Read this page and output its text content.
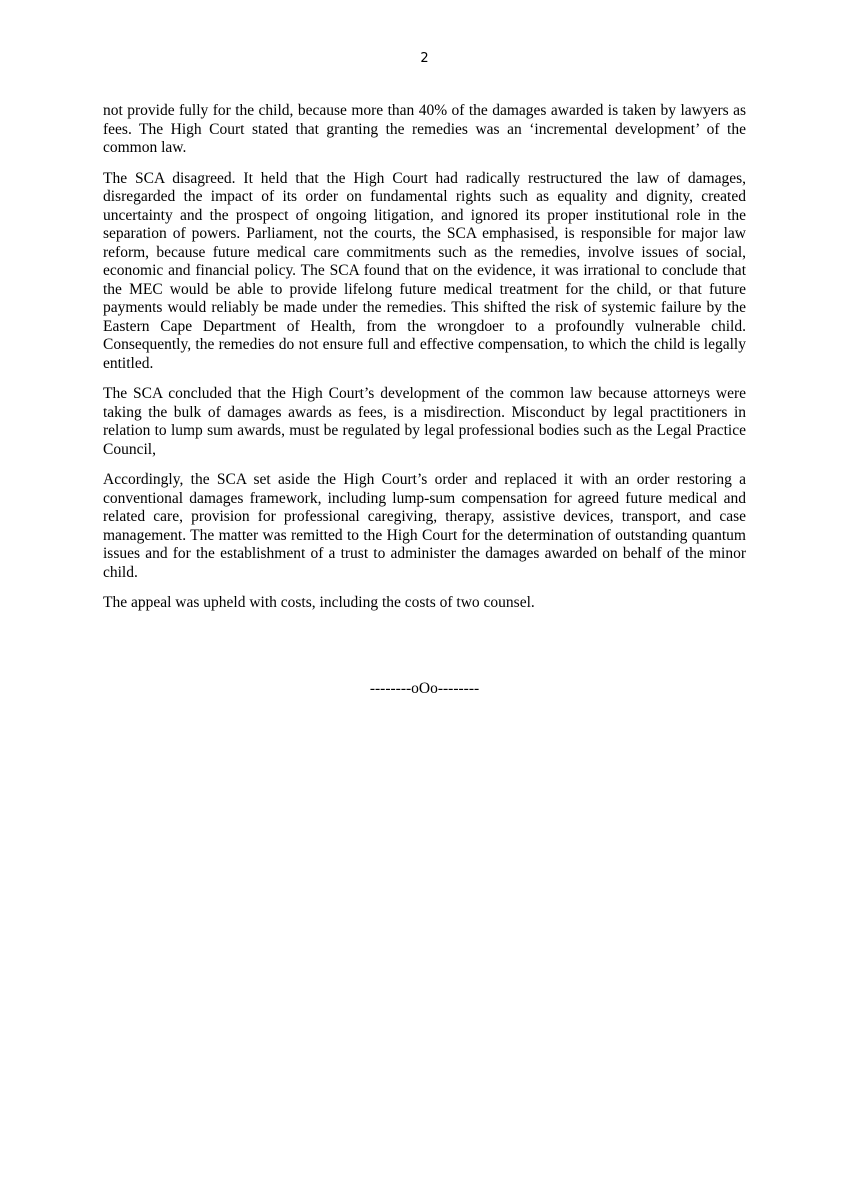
2

not provide fully for the child, because more than 40% of the damages awarded is taken by lawyers as fees. The High Court stated that granting the remedies was an ‘incremental development’ of the common law.

The SCA disagreed. It held that the High Court had radically restructured the law of damages, disregarded the impact of its order on fundamental rights such as equality and dignity, created uncertainty and the prospect of ongoing litigation, and ignored its proper institutional role in the separation of powers. Parliament, not the courts, the SCA emphasised, is responsible for major law reform, because future medical care commitments such as the remedies, involve issues of social, economic and financial policy. The SCA found that on the evidence, it was irrational to conclude that the MEC would be able to provide lifelong future medical treatment for the child, or that future payments would reliably be made under the remedies. This shifted the risk of systemic failure by the Eastern Cape Department of Health, from the wrongdoer to a profoundly vulnerable child. Consequently, the remedies do not ensure full and effective compensation, to which the child is legally entitled.

The SCA concluded that the High Court’s development of the common law because attorneys were taking the bulk of damages awards as fees, is a misdirection. Misconduct by legal practitioners in relation to lump sum awards, must be regulated by legal professional bodies such as the Legal Practice Council,

Accordingly, the SCA set aside the High Court’s order and replaced it with an order restoring a conventional damages framework, including lump-sum compensation for agreed future medical and related care, provision for professional caregiving, therapy, assistive devices, transport, and case management. The matter was remitted to the High Court for the determination of outstanding quantum issues and for the establishment of a trust to administer the damages awarded on behalf of the minor child.

The appeal was upheld with costs, including the costs of two counsel.

--------oOo--------
